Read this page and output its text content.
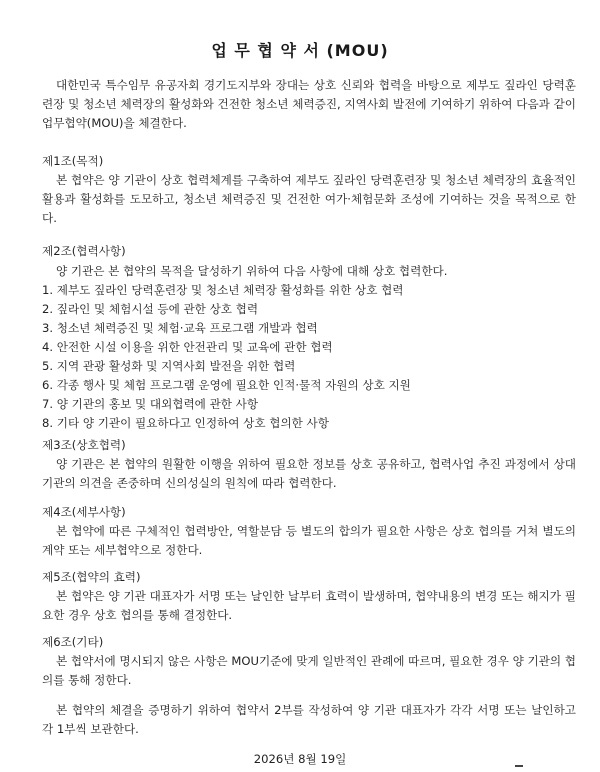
업 무 협 약 서 (MOU)

대한민국 특수임무 유공자회 경기도지부와 장대는 상호 신뢰와 협력을 바탕으로 제부도 짚라인 당력훈련장 및 청소년 체력장의 활성화와 건전한 청소년 체력증진, 지역사회 발전에 기여하기 위하여 다음과 같이 업무협약(MOU)을 체결한다.

제1조(목적)

본 협약은 양 기관이 상호 협력체계를 구축하여 제부도 짚라인 당력훈련장 및 청소년 체력장의 효율적인 활용과 활성화를 도모하고, 청소년 체력증진 및 건전한 여가·체험문화 조성에 기여하는 것을 목적으로 한다.

제2조(협력사항)

양 기관은 본 협약의 목적을 달성하기 위하여 다음 사항에 대해 상호 협력한다.

1. 제부도 짚라인 당력훈련장 및 청소년 체력장 활성화를 위한 상호 협력
2. 짚라인 및 체험시설 등에 관한 상호 협력
3. 청소년 체력증진 및 체험·교육 프로그램 개발과 협력
4. 안전한 시설 이용을 위한 안전관리 및 교육에 관한 협력
5. 지역 관광 활성화 및 지역사회 발전을 위한 협력
6. 각종 행사 및 체험 프로그램 운영에 필요한 인적·물적 자원의 상호 지원
7. 양 기관의 홍보 및 대외협력에 관한 사항
8. 기타 양 기관이 필요하다고 인정하여 상호 협의한 사항

제3조(상호협력)

양 기관은 본 협약의 원활한 이행을 위하여 필요한 정보를 상호 공유하고, 협력사업 추진 과정에서 상대 기관의 의견을 존중하며 신의성실의 원칙에 따라 협력한다.

제4조(세부사항)

본 협약에 따른 구체적인 협력방안, 역할분담 등 별도의 합의가 필요한 사항은 상호 협의를 거쳐 별도의 계약 또는 세부협약으로 정한다.

제5조(협약의 효력)

본 협약은 양 기관 대표자가 서명 또는 날인한 날부터 효력이 발생하며, 협약내용의 변경 또는 해지가 필요한 경우 상호 협의를 통해 결정한다.

제6조(기타)

본 협약서에 명시되지 않은 사항은 MOU기준에 맞게 일반적인 관례에 따르며, 필요한 경우 양 기관의 협의를 통해 정한다.

본 협약의 체결을 증명하기 위하여 협약서 2부를 작성하여 양 기관 대표자가 각각 서명 또는 날인하고 각 1부씩 보관한다.

2026년 8월 19일
